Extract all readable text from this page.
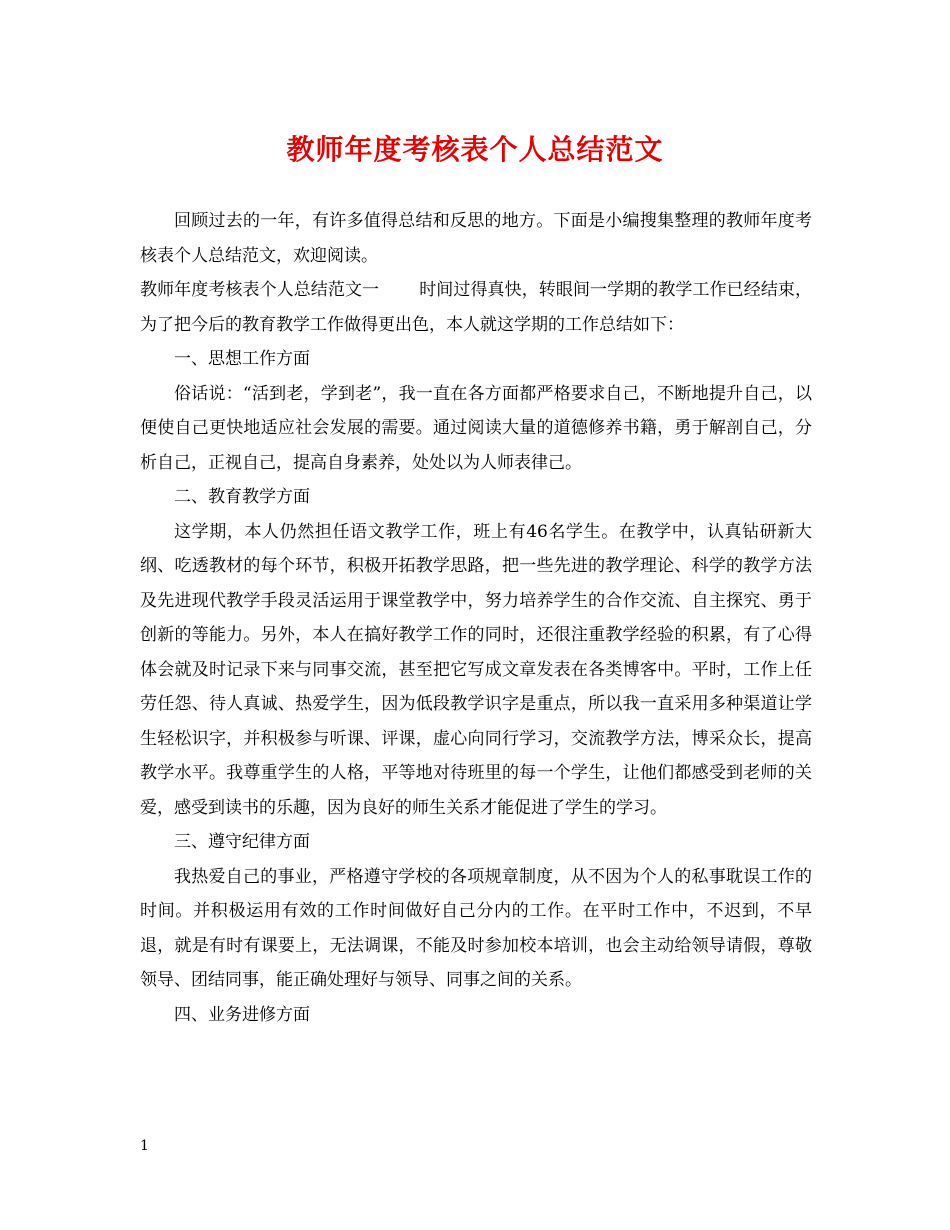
教师年度考核表个人总结范文

回顾过去的一年，有许多值得总结和反思的地方。下面是小编搜集整理的教师年度考核表个人总结范文，欢迎阅读。

教师年度考核表个人总结范文一 时间过得真快，转眼间一学期的教学工作已经结束，为了把今后的教育教学工作做得更出色，本人就这学期的工作总结如下：

一、思想工作方面

俗话说：“活到老，学到老”，我一直在各方面都严格要求自己，不断地提升自己，以便使自己更快地适应社会发展的需要。通过阅读大量的道德修养书籍，勇于解剖自己，分析自己，正视自己，提高自身素养，处处以为人师表律己。

二、教育教学方面

这学期，本人仍然担任语文教学工作，班上有46名学生。在教学中，认真钻研新大纲、吃透教材的每个环节，积极开拓教学思路，把一些先进的教学理论、科学的教学方法及先进现代教学手段灵活运用于课堂教学中，努力培养学生的合作交流、自主探究、勇于创新的等能力。另外，本人在搞好教学工作的同时，还很注重教学经验的积累，有了心得体会就及时记录下来与同事交流，甚至把它写成文章发表在各类博客中。平时，工作上任劳任怨、待人真诚、热爱学生，因为低段教学识字是重点，所以我一直采用多种渠道让学生轻松识字，并积极参与听课、评课，虚心向同行学习，交流教学方法，博采众长，提高教学水平。我尊重学生的人格，平等地对待班里的每一个学生，让他们都感受到老师的关爱，感受到读书的乐趣，因为良好的师生关系才能促进了学生的学习。

三、遵守纪律方面

我热爱自己的事业，严格遵守学校的各项规章制度，从不因为个人的私事耽误工作的时间。并积极运用有效的工作时间做好自己分内的工作。在平时工作中，不迟到，不早退，就是有时有课要上，无法调课，不能及时参加校本培训，也会主动给领导请假，尊敬领导、团结同事，能正确处理好与领导、同事之间的关系。

四、业务进修方面

1
